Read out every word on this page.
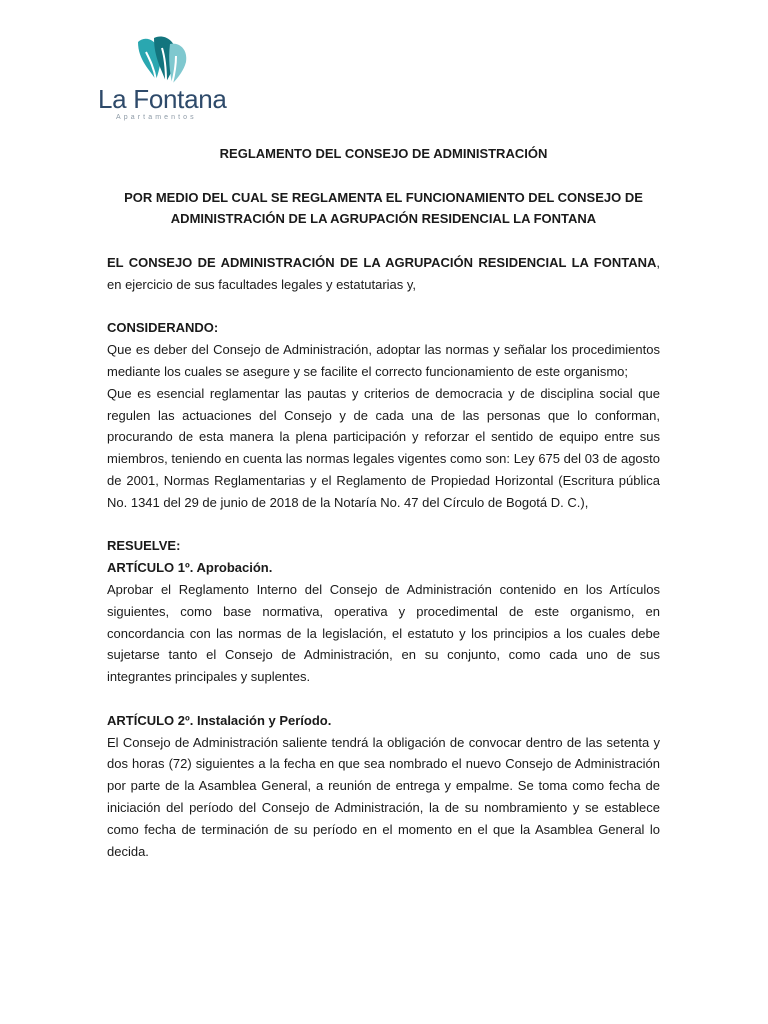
La Fontana
Apartamentos

REGLAMENTO DEL CONSEJO DE ADMINISTRACIÓN

POR MEDIO DEL CUAL SE REGLAMENTA EL FUNCIONAMIENTO DEL CONSEJO DE

ADMINISTRACIÓN DE LA AGRUPACIÓN RESIDENCIAL LA FONTANA

EL CONSEJO DE ADMINISTRACIÓN DE LA AGRUPACIÓN RESIDENCIAL LA FONTANA, en ejercicio de sus facultades legales y estatutarias y,

CONSIDERANDO:

Que es deber del Consejo de Administración, adoptar las normas y señalar los procedimientos mediante los cuales se asegure y se facilite el correcto funcionamiento de este organismo;

Que es esencial reglamentar las pautas y criterios de democracia y de disciplina social que regulen las actuaciones del Consejo y de cada una de las personas que lo conforman, procurando de esta manera la plena participación y reforzar el sentido de equipo entre sus miembros, teniendo en cuenta las normas legales vigentes como son: Ley 675 del 03 de agosto de 2001, Normas Reglamentarias y el Reglamento de Propiedad Horizontal (Escritura pública No. 1341 del 29 de junio de 2018 de la Notaría No. 47 del Círculo de Bogotá D. C.),

RESUELVE:

ARTÍCULO 1º. Aprobación.

Aprobar el Reglamento Interno del Consejo de Administración contenido en los Artículos siguientes, como base normativa, operativa y procedimental de este organismo, en concordancia con las normas de la legislación, el estatuto y los principios a los cuales debe sujetarse tanto el Consejo de Administración, en su conjunto, como cada uno de sus integrantes principales y suplentes.

ARTÍCULO 2º. Instalación y Período.

El Consejo de Administración saliente tendrá la obligación de convocar dentro de las setenta y dos horas (72) siguientes a la fecha en que sea nombrado el nuevo Consejo de Administración por parte de la Asamblea General, a reunión de entrega y empalme. Se toma como fecha de iniciación del período del Consejo de Administración, la de su nombramiento y se establece como fecha de terminación de su período en el momento en el que la Asamblea General lo decida.
